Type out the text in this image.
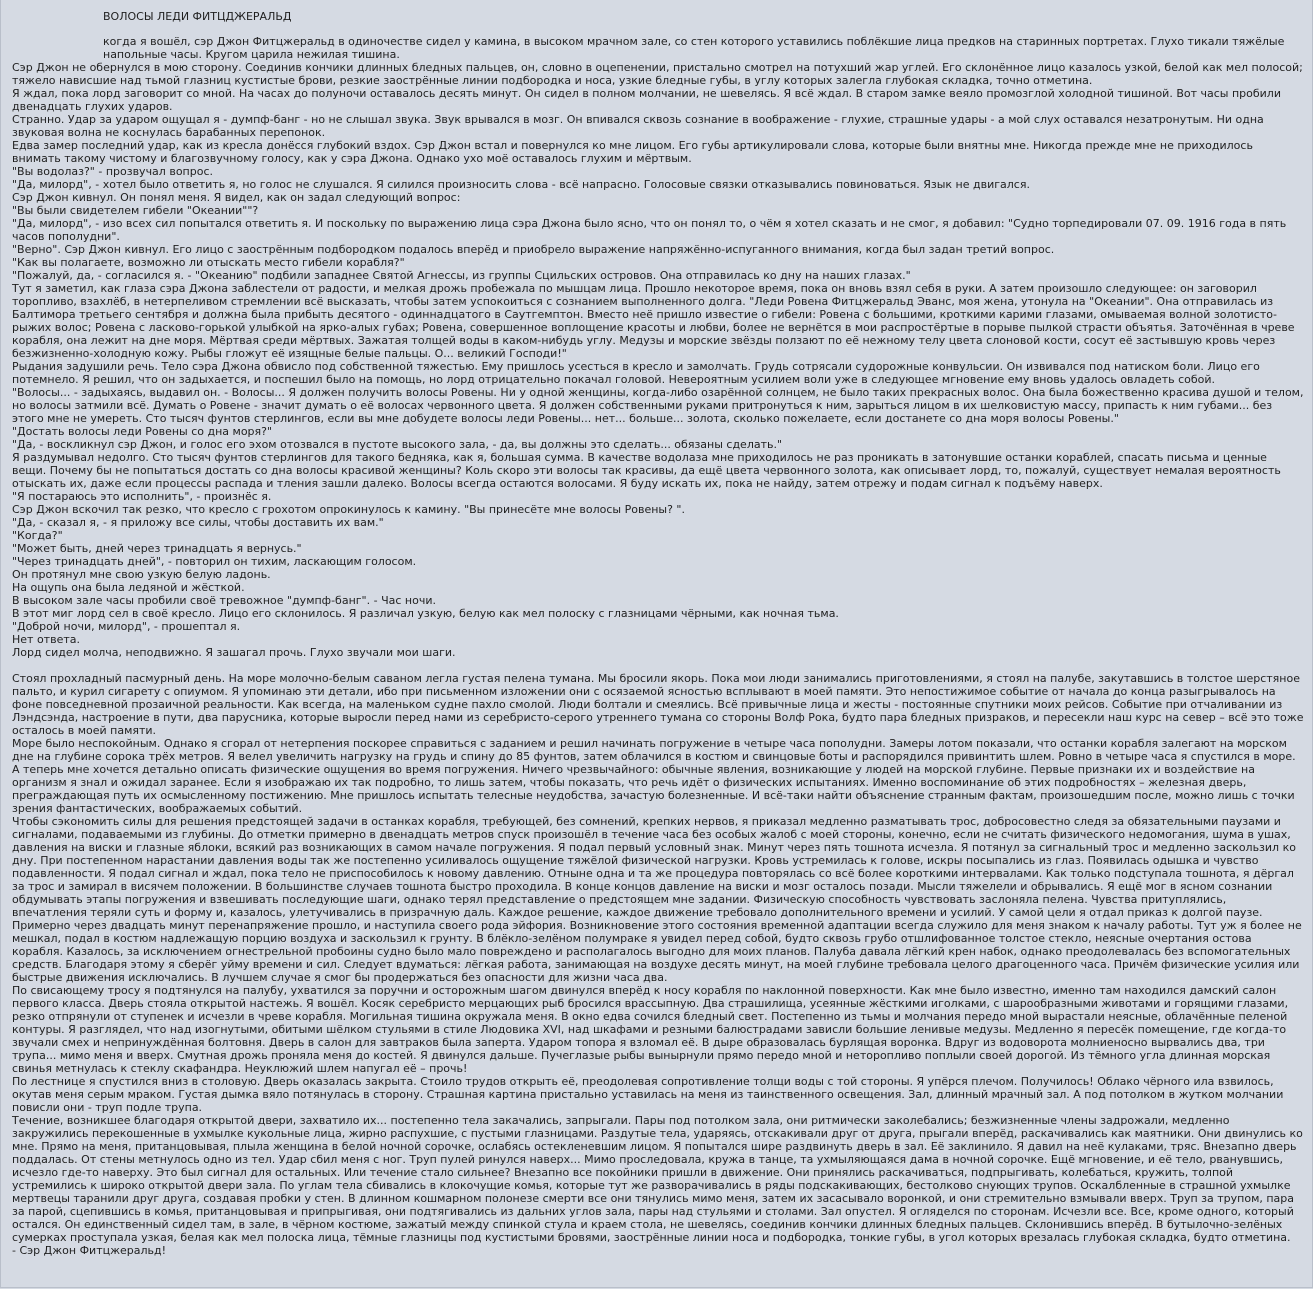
ВОЛОСЫ ЛЕДИ ФИТЦДЖЕРАЛЬД
когда я вошёл, сэр Джон Фитцжеральд в одиночестве сидел у камина, в высоком мрачном зале, со стен которого уставились поблёкшие лица предков на старинных портретах. Глухо тикали тяжёлые напольные часы. Кругом царила нежилая тишина.

Сэр Джон не обернулся в мою сторону. Соединив кончики длинных бледных пальцев, он, словно в оцепенении, пристально смотрел на потухший жар углей. Его склонённое лицо казалось узкой, белой как мел полосой; тяжело нависшие над тьмой глазниц кустистые брови, резкие заострённые линии подбородка и носа, узкие бледные губы, в углу которых залегла глубокая складка, точно отметина.

Я ждал, пока лорд заговорит со мной. На часах до полуночи оставалось десять минут. Он сидел в полном молчании, не шевелясь. Я всё ждал. В старом замке веяло промозглой холодной тишиной. Вот часы пробили двенадцать глухих ударов.

Странно. Удар за ударом ощущал я - думпф-банг - но не слышал звука. Звук врывался в мозг. Он впивался сквозь сознание в воображение - глухие, страшные удары - а мой слух оставался незатронутым. Ни одна звуковая волна не коснулась барабанных перепонок.

Едва замер последний удар, как из кресла донёсся глубокий вздох. Сэр Джон встал и повернулся ко мне лицом. Его губы артикулировали слова, которые были внятны мне. Никогда прежде мне не приходилось внимать такому чистому и благозвучному голосу, как у сэра Джона. Однако ухо моё оставалось глухим и мёртвым.

"Вы водолаз?" - прозвучал вопрос.

"Да, милорд", - хотел было ответить я, но голос не слушался. Я силился произносить слова - всё напрасно. Голосовые связки отказывались повиноваться. Язык не двигался.

Сэр Джон кивнул. Он понял меня. Я видел, как он задал следующий вопрос:

"Вы были свидетелем гибели "Океании""?

"Да, милорд", - изо всех сил попытался ответить я. И поскольку по выражению лица сэра Джона было ясно, что он понял то, о чём я хотел сказать и не смог, я добавил: "Судно торпедировали 07. 09. 1916 года в пять часов пополудни".

"Верно". Сэр Джон кивнул. Его лицо с заострённым подбородком подалось вперёд и приобрело выражение напряжённо-испуганного внимания, когда был задан третий вопрос.

"Как вы полагаете, возможно ли отыскать место гибели корабля?"

"Пожалуй, да, - согласился я. - "Океанию" подбили западнее Святой Агнессы, из группы Сцильских островов. Она отправилась ко дну на наших глазах."

Тут я заметил, как глаза сэра Джона заблестели от радости, и мелкая дрожь пробежала по мышцам лица. Прошло некоторое время, пока он вновь взял себя в руки. А затем произошло следующее: он заговорил торопливо, взахлёб, в нетерпеливом стремлении всё высказать, чтобы затем успокоиться с сознанием выполненного долга. "Леди Ровена Фитцжеральд Эванс, моя жена, утонула на "Океании". Она отправилась из Балтимора третьего сентября и должна была прибыть десятого - одиннадцатого в Саутгемптон. Вместо неё пришло известие о гибели: Ровена с большими, кроткими карими глазами, омываемая волной золотисто-рыжих волос; Ровена с ласково-горькой улыбкой на ярко-алых губах; Ровена, совершенное воплощение красоты и любви, более не вернётся в мои распростёртые в порыве пылкой страсти объятья. Заточённая в чреве корабля, она лежит на дне моря. Мёртвая среди мёртвых. Зажатая толщей воды в каком-нибудь углу. Медузы и морские звёзды ползают по её нежному телу цвета слоновой кости, сосут её застывшую кровь через безжизненно-холодную кожу. Рыбы гложут её изящные белые пальцы. О... великий Господи!"

Рыдания задушили речь. Тело сэра Джона обвисло под собственной тяжестью. Ему пришлось усесться в кресло и замолчать. Грудь сотрясали судорожные конвульсии. Он извивался под натиском боли. Лицо его потемнело. Я решил, что он задыхается, и поспешил было на помощь, но лорд отрицательно покачал головой. Невероятным усилием воли уже в следующее мгновение ему вновь удалось овладеть собой.

"Волосы... - задыхаясь, выдавил он. - Волосы... Я должен получить волосы Ровены. Ни у одной женщины, когда-либо озарённой солнцем, не было таких прекрасных волос. Она была божественно красива душой и телом, но волосы затмили всё. Думать о Ровене - значит думать о её волосах червонного цвета. Я должен собственными руками притронуться к ним, зарыться лицом в их шелковистую массу, припасть к ним губами... без этого мне не умереть. Сто тысяч фунтов стерлингов, если вы мне добудете волосы леди Ровены... нет... больше... золота, сколько пожелаете, если достанете со дна моря волосы Ровены."

"Достать волосы леди Ровены со дна моря?"

"Да, - воскликнул сэр Джон, и голос его эхом отозвался в пустоте высокого зала, - да, вы должны это сделать... обязаны сделать."

Я раздумывал недолго. Сто тысяч фунтов стерлингов для такого бедняка, как я, большая сумма. В качестве водолаза мне приходилось не раз проникать в затонувшие останки кораблей, спасать письма и ценные вещи. Почему бы не попытаться достать со дна волосы красивой женщины? Коль скоро эти волосы так красивы, да ещё цвета червонного золота, как описывает лорд, то, пожалуй, существует немалая вероятность отыскать их, даже если процессы распада и тления зашли далеко. Волосы всегда остаются волосами. Я буду искать их, пока не найду, затем отрежу и подам сигнал к подъёму наверх.

"Я постараюсь это исполнить", - произнёс я.

Сэр Джон вскочил так резко, что кресло с грохотом опрокинулось к камину. "Вы принесёте мне волосы Ровены? ".

"Да, - сказал я, - я приложу все силы, чтобы доставить их вам."

"Когда?"

"Может быть, дней через тринадцать я вернусь."

"Через тринадцать дней", - повторил он тихим, ласкающим голосом.

Он протянул мне свою узкую белую ладонь.

На ощупь она была ледяной и жёсткой.

В высоком зале часы пробили своё тревожное "думпф-банг". - Час ночи.

В этот миг лорд сел в своё кресло. Лицо его склонилось. Я различал узкую, белую как мел полоску с глазницами чёрными, как ночная тьма.

"Доброй ночи, милорд", - прошептал я.

Нет ответа.

Лорд сидел молча, неподвижно. Я зашагал прочь. Глухо звучали мои шаги.

Стоял прохладный пасмурный день. На море молочно-белым саваном легла густая пелена тумана. Мы бросили якорь. Пока мои люди занимались приготовлениями, я стоял на палубе, закутавшись в толстое шерстяное пальто, и курил сигарету с опиумом. Я упоминаю эти детали, ибо при письменном изложении они с осязаемой ясностью всплывают в моей памяти. Это непостижимое событие от начала до конца разыгрывалось на фоне повседневной прозаичной реальности. Как всегда, на маленьком судне пахло смолой. Люди болтали и смеялись. Всё привычные лица и жесты - постоянные спутники моих рейсов. Событие при отчаливании из Лэндсэнда, настроение в пути, два парусника, которые выросли перед нами из серебристо-серого утреннего тумана со стороны Волф Рока, будто пара бледных призраков, и пересекли наш курс на север – всё это тоже осталось в моей памяти.

Море было неспокойным. Однако я сгорал от нетерпения поскорее справиться с заданием и решил начинать погружение в четыре часа пополудни. Замеры лотом показали, что останки корабля залегают на морском дне на глубине сорока трёх метров. Я велел увеличить нагрузку на грудь и спину до 85 фунтов, затем облачился в костюм и свинцовые боты и распорядился привинтить шлем. Ровно в четыре часа я спустился в море. А теперь мне хочется детально описать физические ощущения во время погружения. Ничего чрезвычайного: обычные явления, возникающие у людей на морской глубине. Первые признаки их и воздействие на организм я знал и ожидал заранее. Если я изображаю их так подробно, то лишь затем, чтобы показать, что речь идёт о физических испытаниях. Именно воспоминание об этих подробностях – железная дверь, преграждающая путь их осмысленному постижению. Мне пришлось испытать телесные неудобства, зачастую болезненные. И всё-таки найти объяснение странным фактам, произошедшим после, можно лишь с точки зрения фантастических, воображаемых событий.

Чтобы сэкономить силы для решения предстоящей задачи в останках корабля, требующей, без сомнений, крепких нервов, я приказал медленно разматывать трос, добросовестно следя за обязательными паузами и сигналами, подаваемыми из глубины. До отметки примерно в двенадцать метров спуск произошёл в течение часа без особых жалоб с моей стороны, конечно, если не считать физического недомогания, шума в ушах, давления на виски и глазные яблоки, всякий раз возникающих в самом начале погружения. Я подал первый условный знак. Минут через пять тошнота исчезла. Я потянул за сигнальный трос и медленно заскользил ко дну. При постепенном нарастании давления воды так же постепенно усиливалось ощущение тяжёлой физической нагрузки. Кровь устремилась к голове, искры посыпались из глаз. Появилась одышка и чувство подавленности. Я подал сигнал и ждал, пока тело не приспособилось к новому давлению. Отныне одна и та же процедура повторялась со всё более короткими интервалами. Как только подступала тошнота, я дёргал за трос и замирал в висячем положении. В большинстве случаев тошнота быстро проходила. В конце концов давление на виски и мозг осталось позади. Мысли тяжелели и обрывались. Я ещё мог в ясном сознании обдумывать этапы погружения и взвешивать последующие шаги, однако терял представление о предстоящем мне задании. Физическую способность чувствовать заслоняла пелена. Чувства притуплялись, впечатления теряли суть и форму и, казалось, улетучивались в призрачную даль. Каждое решение, каждое движение требовало дополнительного времени и усилий. У самой цели я отдал приказ к долгой паузе. Примерно через двадцать минут перенапряжение прошло, и наступила своего рода эйфория. Возникновение этого состояния временной адаптации всегда служило для меня знаком к началу работы. Тут уж я более не мешкал, подал в костюм надлежащую порцию воздуха и заскользил к грунту. В блёкло-зелёном полумраке я увидел перед собой, будто сквозь грубо отшлифованное толстое стекло, неясные очертания остова корабля. Казалось, за исключением огнестрельной пробоины судно было мало повреждено и располагалось выгодно для моих планов. Палуба давала лёгкий крен набок, однако преодолевалась без вспомогательных средств. Благодаря этому я сберёг уйму времени и сил. Следует вдуматься: лёгкая работа, занимающая на воздухе десять минут, на моей глубине требовала целого драгоценного часа. Причём физические усилия или быстрые движения исключались. В лучшем случае я смог бы продержаться без опасности для жизни часа два.

По свисающему тросу я подтянулся на палубу, ухватился за поручни и осторожным шагом двинулся вперёд к носу корабля по наклонной поверхности. Как мне было известно, именно там находился дамский салон первого класса. Дверь стояла открытой настежь. Я вошёл. Косяк серебристо мерцающих рыб бросился врассыпную. Два страшилища, усеянные жёсткими иголками, с шарообразными животами и горящими глазами, резко отпрянули от ступенек и исчезли в чреве корабля. Могильная тишина окружала меня. В окно едва сочился бледный свет. Постепенно из тьмы и молчания передо мной вырастали неясные, облачённые пеленой контуры. Я разглядел, что над изогнутыми, обитыми шёлком стульями в стиле Людовика XVI, над шкафами и резными балюстрадами зависли большие ленивые медузы. Медленно я пересёк помещение, где когда-то звучали смех и непринуждённая болтовня. Дверь в салон для завтраков была заперта. Ударом топора я взломал её. В дыре образовалась бурлящая воронка. Вдруг из водоворота молниеносно вырвались два, три трупа... мимо меня и вверх. Смутная дрожь проняла меня до костей. Я двинулся дальше. Пучеглазые рыбы вынырнули прямо передо мной и неторопливо поплыли своей дорогой. Из тёмного угла длинная морская свинья метнулась к стеклу скафандра. Неуклюжий шлем напугал её – прочь!

По лестнице я спустился вниз в столовую. Дверь оказалась закрыта. Стоило трудов открыть её, преодолевая сопротивление толщи воды с той стороны. Я упёрся плечом. Получилось! Облако чёрного ила взвилось, окутав меня серым мраком. Густая дымка вяло потянулась в сторону. Страшная картина пристально уставилась на меня из таинственного освещения. Зал, длинный мрачный зал. А под потолком в жутком молчании повисли они - труп подле трупа.

Течение, возникшее благодаря открытой двери, захватило их... постепенно тела закачались, запрыгали. Пары под потолком зала, они ритмически заколебались; безжизненные члены задрожали, медленно закружились перекошенные в ухмылке кукольные лица, жирно распухшие, с пустыми глазницами. Раздутые тела, ударяясь, отскакивали друг от друга, прыгали вперёд, раскачивались как маятники. Они двинулись ко мне. Прямо на меня, пританцовывая, плыла женщина в белой ночной сорочке, ослабясь остекленевшим лицом. Я попытался шире раздвинуть дверь в зал. Её заклинило. Я давил на неё кулаками, тряс. Внезапно дверь поддалась. От стены метнулось одно из тел. Удар сбил меня с ног. Труп пулей ринулся наверх... Мимо проследовала, кружа в танце, та ухмыляющаяся дама в ночной сорочке. Ещё мгновение, и её тело, рванувшись, исчезло где-то наверху. Это был сигнал для остальных. Или течение стало сильнее? Внезапно все покойники пришли в движение. Они принялись раскачиваться, подпрыгивать, колебаться, кружить, толпой устремились к широко открытой двери зала. По углам тела сбивались в клокочущие комья, которые тут же разворачивались в ряды подскакивающих, бестолково снующих трупов. Оскалбленные в страшной ухмылке мертвецы таранили друг друга, создавая пробки у стен. В длинном кошмарном полонезе смерти все они тянулись мимо меня, затем их засасывало воронкой, и они стремительно взмывали вверх. Труп за трупом, пара за парой, сцепившись в комья, пританцовывая и припрыгивая, они подтягивались из дальних углов зала, пары над стульями и столами. Зал опустел. Я огляделся по сторонам. Исчезли все. Все, кроме одного, который остался. Он единственный сидел там, в зале, в чёрном костюме, зажатый между спинкой стула и краем стола, не шевелясь, соединив кончики длинных бледных пальцев. Склонившись вперёд. В бутылочно-зелёных сумерках проступала узкая, белая как мел полоска лица, тёмные глазницы под кустистыми бровями, заострённые линии носа и подбородка, тонкие губы, в угол которых врезалась глубокая складка, будто отметина.

- Сэр Джон Фитцжеральд!
